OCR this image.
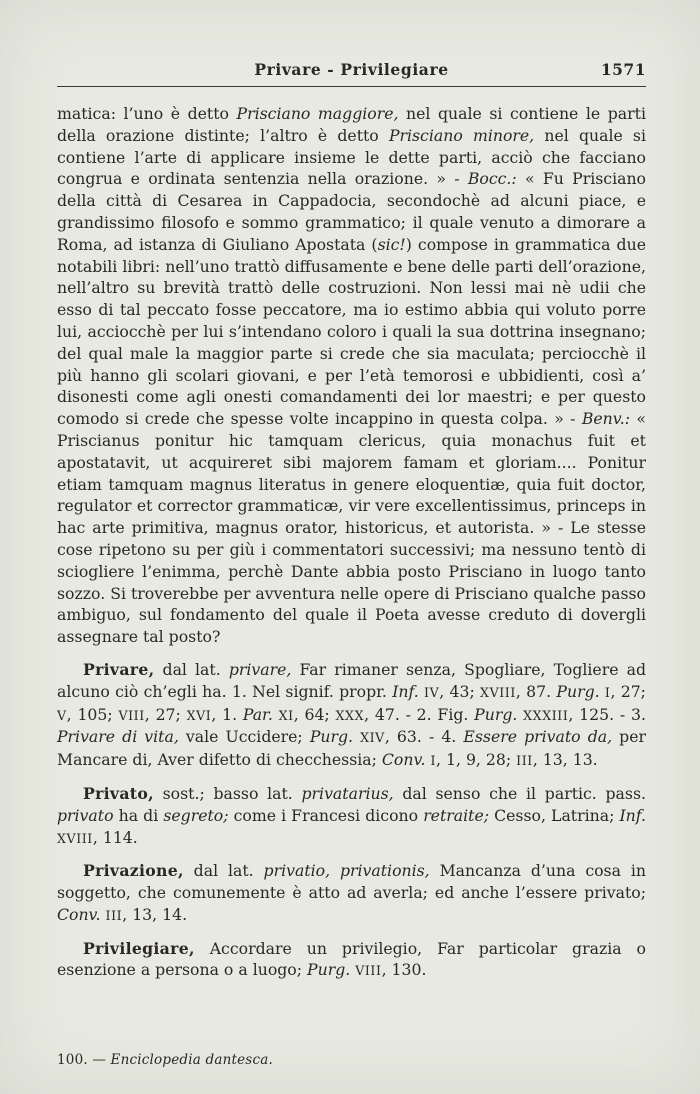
Privare - Privilegiare	1571

matica: l’uno è detto Prisciano maggiore, nel quale si contiene le parti della orazione distinte; l’altro è detto Prisciano minore, nel quale si contiene l’arte di applicare insieme le dette parti, acciò che facciano congrua e ordinata sentenzia nella orazione. » - Bocc.: « Fu Prisciano della città di Cesarea in Cappadocia, secondochè ad alcuni piace, e grandissimo filosofo e sommo grammatico; il quale venuto a dimorare a Roma, ad istanza di Giuliano Apostata (sic!) compose in grammatica due notabili libri: nell’uno trattò diffusamente e bene delle parti dell’orazione, nell’altro su brevità trattò delle costruzioni. Non lessi mai nè udii che esso di tal peccato fosse peccatore, ma io estimo abbia qui voluto porre lui, acciocchè per lui s’intendano coloro i quali la sua dottrina insegnano; del qual male la maggior parte si crede che sia maculata; perciocchè il più hanno gli scolari giovani, e per l’età temorosi e ubbidienti, così a’ disonesti come agli onesti comandamenti dei lor maestri; e per questo comodo si crede che spesse volte incappino in questa colpa. » - Benv.: « Priscianus ponitur hic tamquam clericus, quia monachus fuit et apostatavit, ut acquireret sibi majorem famam et gloriam.... Ponitur etiam tamquam magnus literatus in genere eloquentiæ, quia fuit doctor, regulator et corrector grammaticæ, vir vere excellentissimus, princeps in hac arte primitiva, magnus orator, historicus, et autorista. » - Le stesse cose ripetono su per giù i commentatori successivi; ma nessuno tentò di sciogliere l’enimma, perchè Dante abbia posto Prisciano in luogo tanto sozzo. Si troverebbe per avventura nelle opere di Prisciano qualche passo ambiguo, sul fondamento del quale il Poeta avesse creduto di dovergli assegnare tal posto?

Privare, dal lat. privare, Far rimaner senza, Spogliare, Togliere ad alcuno ciò ch’egli ha. 1. Nel signif. propr. Inf. IV, 43; XVIII, 87. Purg. I, 27; V, 105; VIII, 27; XVI, 1. Par. XI, 64; XXX, 47. - 2. Fig. Purg. XXXIII, 125. - 3. Privare di vita, vale Uccidere; Purg. XIV, 63. - 4. Essere privato da, per Mancare di, Aver difetto di checchessia; Conv. I, 1, 9, 28; III, 13, 13.

Privato, sost.; basso lat. privatarius, dal senso che il partic. pass. privato ha di segreto; come i Francesi dicono retraite; Cesso, Latrina; Inf. XVIII, 114.

Privazione, dal lat. privatio, privationis, Mancanza d’una cosa in soggetto, che comunemente è atto ad averla; ed anche l’essere privato; Conv. III, 13, 14.

Privilegiare, Accordare un privilegio, Far particolar grazia o esenzione a persona o a luogo; Purg. VIII, 130.

100. — Enciclopedia dantesca.
